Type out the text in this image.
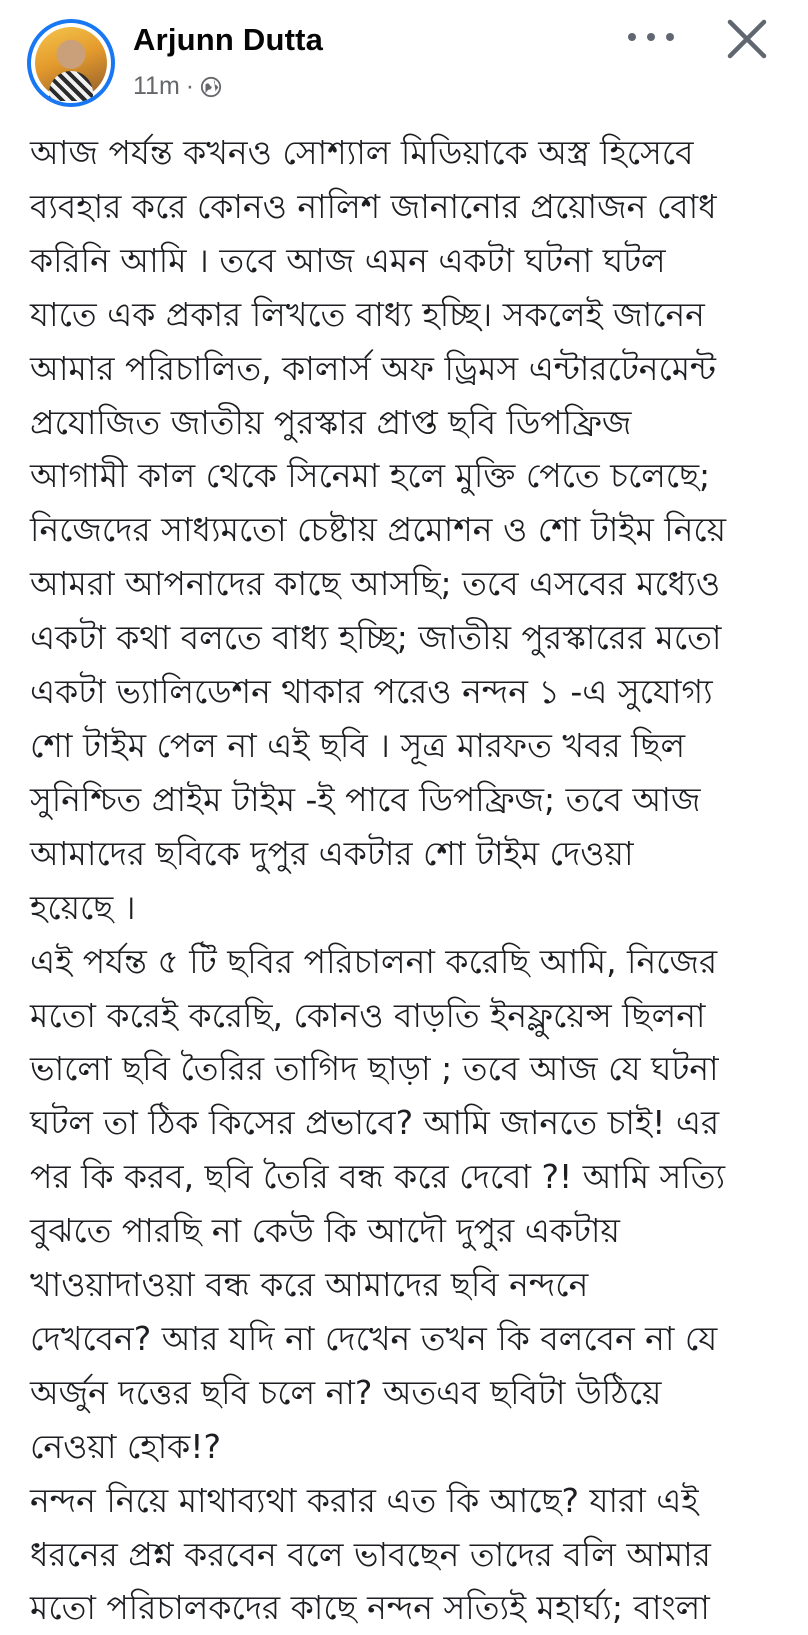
Arjunn Dutta
11m ·
আজ পর্যন্ত কখনও সোশ্যাল মিডিয়াকে অস্ত্র হিসেবে
ব্যবহার করে কোনও নালিশ জানানোর প্রয়োজন বোধ
করিনি আমি । তবে আজ এমন একটা ঘটনা ঘটল
যাতে এক প্রকার লিখতে বাধ্য হচ্ছি। সকলেই জানেন
আমার পরিচালিত, কালার্স অফ ড্রিমস এন্টারটেনমেন্ট
প্রযোজিত জাতীয় পুরস্কার প্রাপ্ত ছবি ডিপফ্রিজ
আগামী কাল থেকে সিনেমা হলে মুক্তি পেতে চলেছে;
নিজেদের সাধ্যমতো চেষ্টায় প্রমোশন ও শো টাইম নিয়ে
আমরা আপনাদের কাছে আসছি; তবে এসবের মধ্যেও
একটা কথা বলতে বাধ্য হচ্ছি; জাতীয় পুরস্কারের মতো
একটা ভ্যালিডেশন থাকার পরেও নন্দন ১ -এ সুযোগ্য
শো টাইম পেল না এই ছবি । সূত্র মারফত খবর ছিল
সুনিশ্চিত প্রাইম টাইম -ই পাবে ডিপফ্রিজ; তবে আজ
আমাদের ছবিকে দুপুর একটার শো টাইম দেওয়া
হয়েছে ।
এই পর্যন্ত ৫ টি ছবির পরিচালনা করেছি আমি, নিজের
মতো করেই করেছি, কোনও বাড়তি ইনফ্লুয়েন্স ছিলনা
ভালো ছবি তৈরির তাগিদ ছাড়া ; তবে আজ যে ঘটনা
ঘটল তা ঠিক কিসের প্রভাবে? আমি জানতে চাই! এর
পর কি করব, ছবি তৈরি বন্ধ করে দেবো ?! আমি সত্যি
বুঝতে পারছি না কেউ কি আদৌ দুপুর একটায়
খাওয়াদাওয়া বন্ধ করে আমাদের ছবি নন্দনে
দেখবেন? আর যদি না দেখেন তখন কি বলবেন না যে
অর্জুন দত্তের ছবি চলে না? অতএব ছবিটা উঠিয়ে
নেওয়া হোক!?
নন্দন নিয়ে মাথাব্যথা করার এত কি আছে? যারা এই
ধরনের প্রশ্ন করবেন বলে ভাবছেন তাদের বলি আমার
মতো পরিচালকদের কাছে নন্দন সত্যিই মহার্ঘ্য; বাংলা
